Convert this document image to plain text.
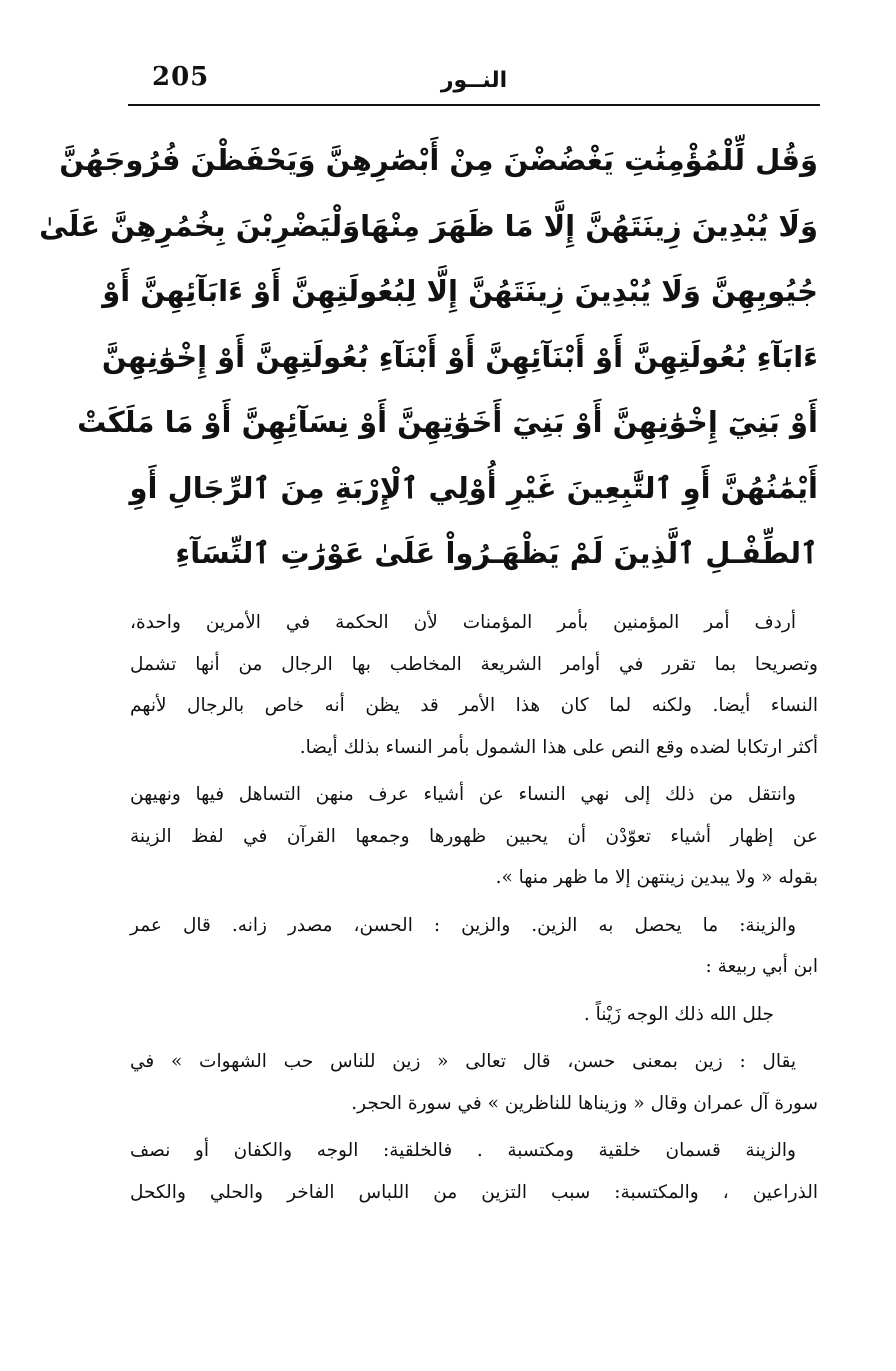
205	النــور
وَقُل لِّلْمُؤْمِنَٰتِ يَغْضُضْنَ مِنْ أَبْصَٰرِهِنَّ وَيَحْفَظْنَ فُرُوجَهُنَّ
وَلَا يُبْدِينَ زِينَتَهُنَّ إِلَّا مَا ظَهَرَ مِنْهَاوَلْيَضْرِبْنَ بِخُمُرِهِنَّ عَلَىٰ
جُيُوبِهِنَّ وَلَا يُبْدِينَ زِينَتَهُنَّ إِلَّا لِبُعُولَتِهِنَّ أَوْ ءَابَآئِهِنَّ أَوْ
ءَابَآءِ بُعُولَتِهِنَّ أَوْ أَبْنَآئِهِنَّ أَوْ أَبْنَآءِ بُعُولَتِهِنَّ أَوْ إِخْوَٰنِهِنَّ
أَوْ بَنِيٓ إِخْوَٰنِهِنَّ أَوْ بَنِيٓ أَخَوَٰتِهِنَّ أَوْ نِسَآئِهِنَّ أَوْ مَا مَلَكَتْ
أَيْمَٰنُهُنَّ أَوِ ٱلتَّٰبِعِينَ غَيْرِ أُوْلِي ٱلْإِرْبَةِ مِنَ ٱلرِّجَالِ أَوِ
ٱلطِّفْـلِ ٱلَّذِينَ لَمْ يَظْهَـرُواْ عَلَىٰ عَوْرَٰتِ ٱلنِّسَآءِ
أردف أمر المؤمنين بأمر المؤمنات لأن الحكمة في الأمرين واحدة،
وتصريحا بما تقرر في أوامر الشريعة المخاطب بها الرجال من أنها تشمل
النساء أيضا. ولكنه لما كان هذا الأمر قد يظن أنه خاص بالرجال لأنهم
أكثر ارتكابا لضده وقع النص على هذا الشمول بأمر النساء بذلك أيضا.
وانتقل من ذلك إلى نهي النساء عن أشياء عرف منهن التساهل فيها ونهيهن
عن إظهار أشياء تعوّدْن أن يحبين ظهورها وجمعها القرآن في لفظ الزينة
بقوله « ولا يبدين زينتهن إلا ما ظهر منها ».
والزينة: ما يحصل به الزين. والزين : الحسن، مصدر زانه. قال عمر
ابن أبي ربيعة :
جلل الله ذلك الوجه زَيْناً .
يقال : زين بمعنى حسن، قال تعالى « زين للناس حب الشهوات » في
سورة آل عمران وقال « وزيناها للناظرين » في سورة الحجر.
والزينة قسمان خلقية ومكتسبة . فالخلقية: الوجه والكفان أو نصف
الذراعين ، والمكتسبة: سبب التزين من اللباس الفاخر والحلي والكحل
